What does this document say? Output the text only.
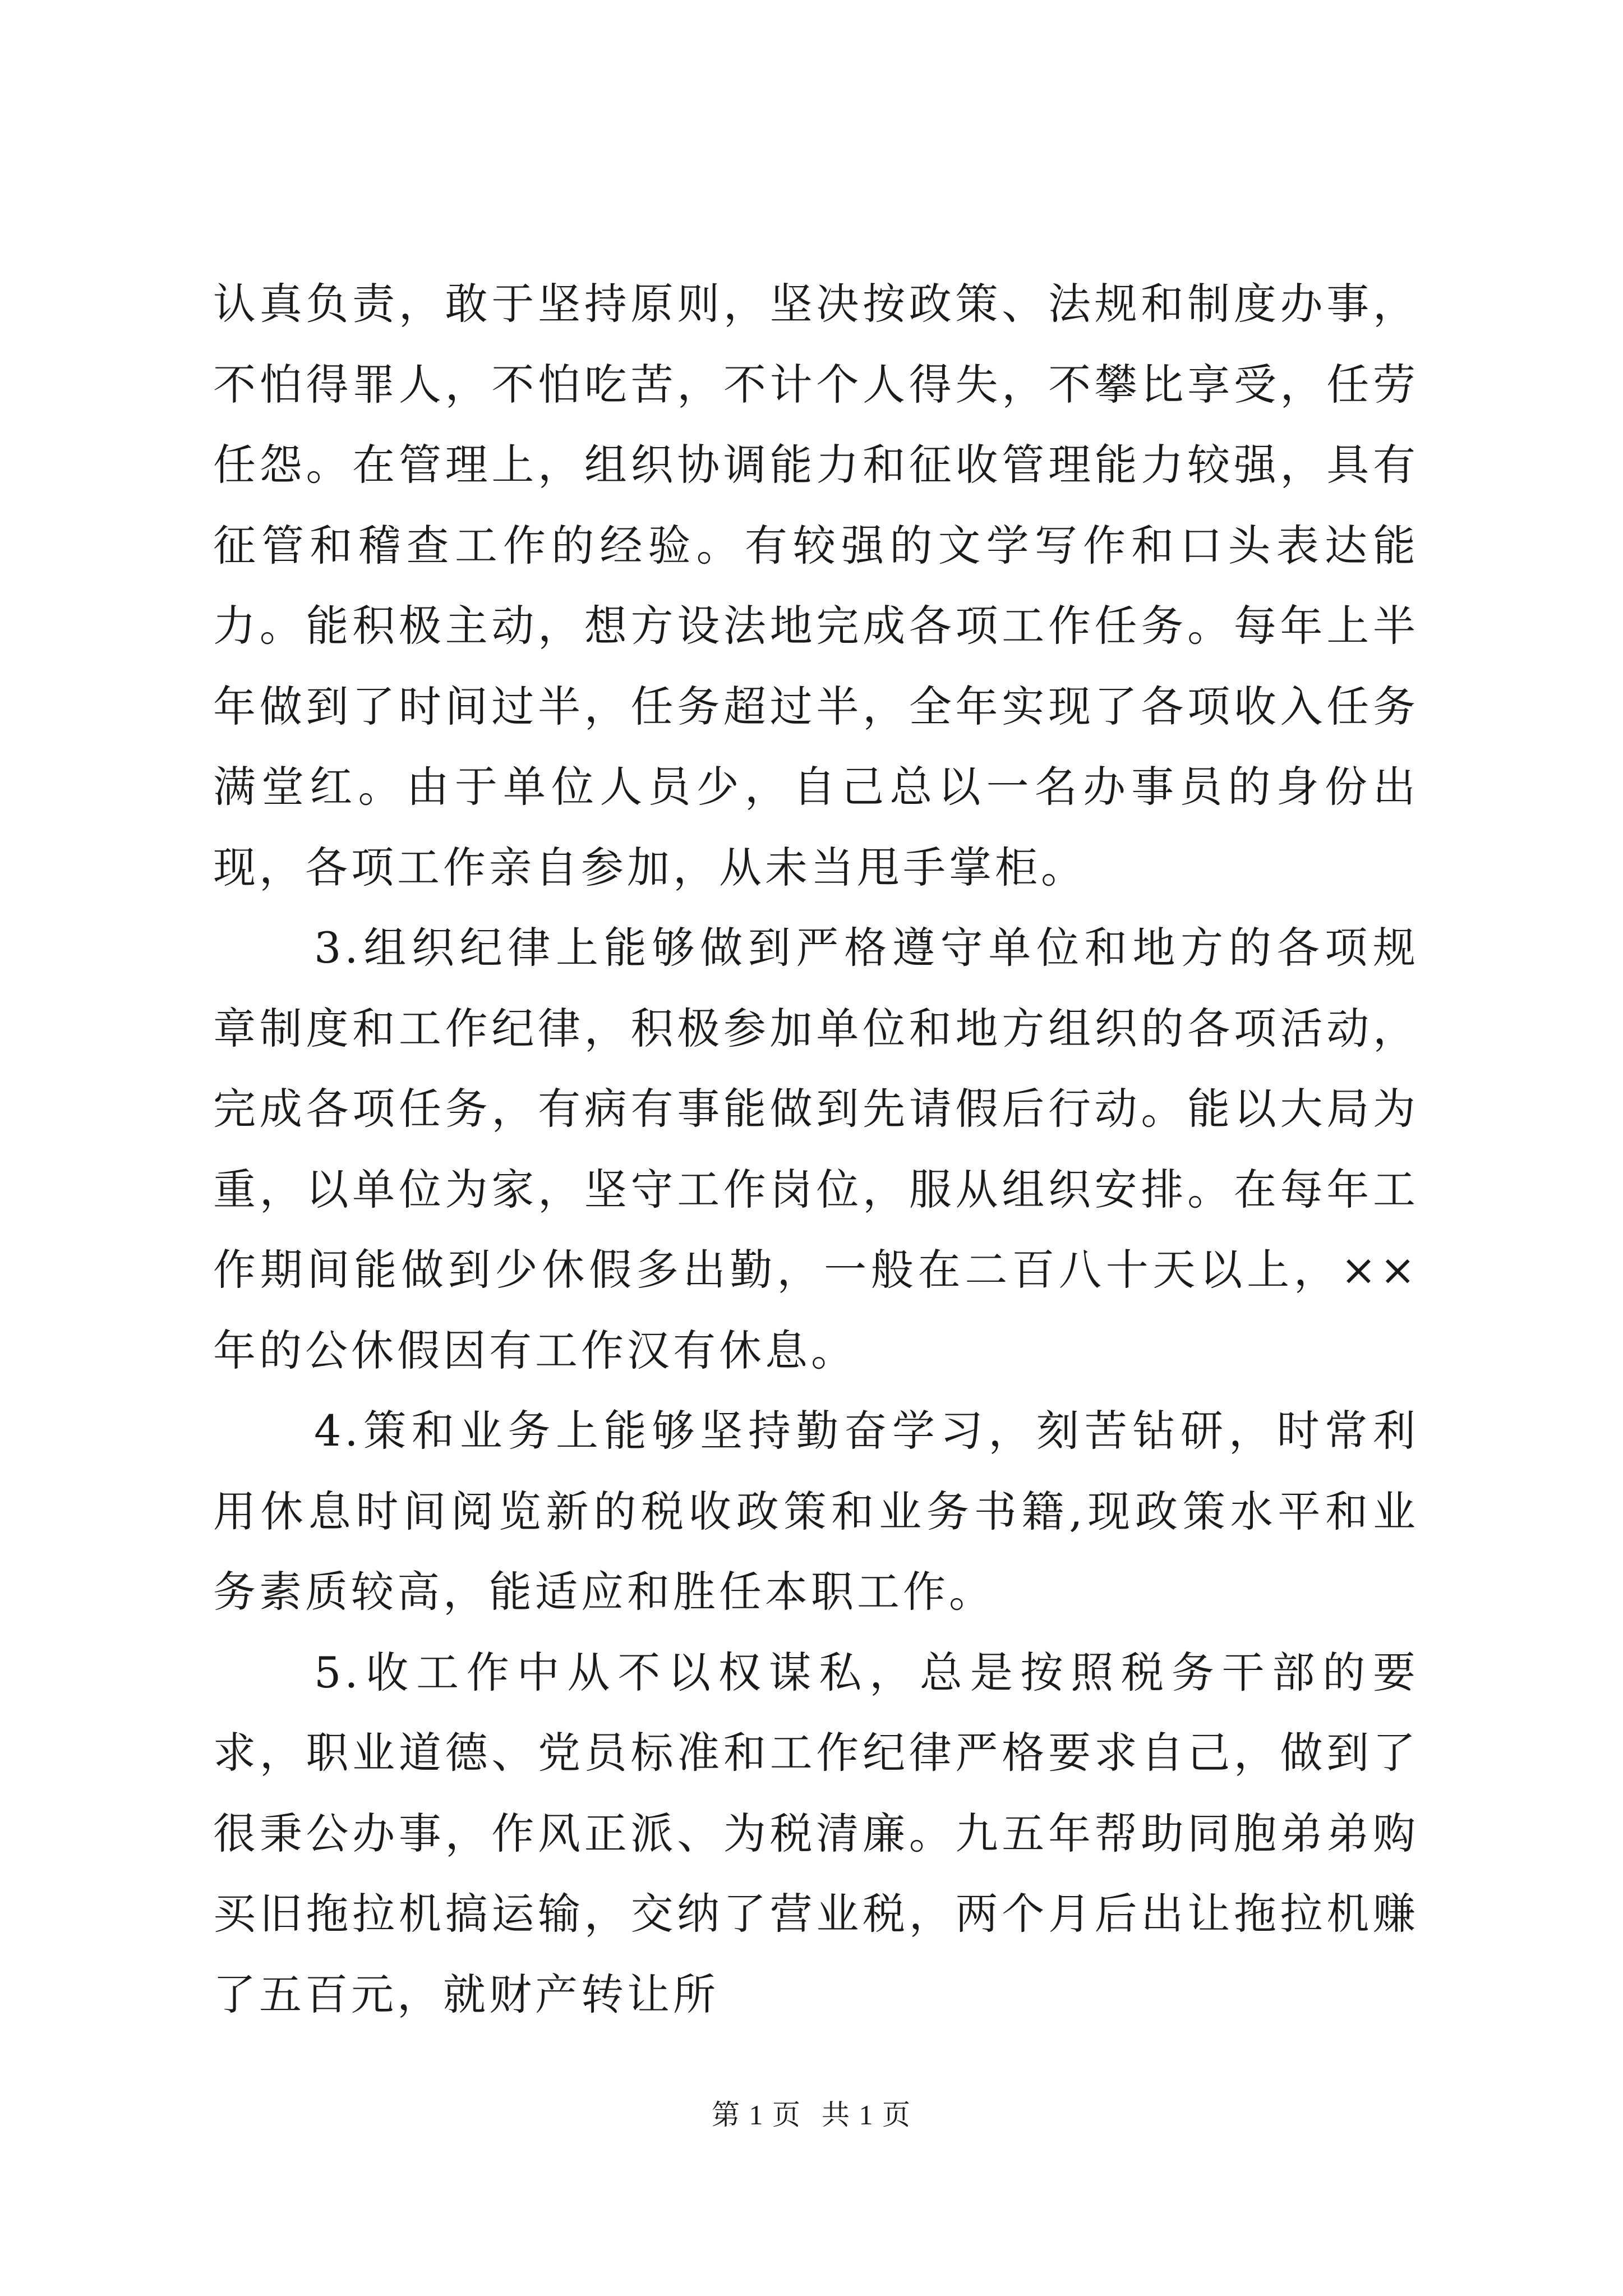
认真负责，敢于坚持原则，坚决按政策、法规和制度办事，不怕得罪人，不怕吃苦，不计个人得失，不攀比享受，任劳任怨。在管理上，组织协调能力和征收管理能力较强，具有征管和稽查工作的经验。有较强的文学写作和口头表达能力。能积极主动，想方设法地完成各项工作任务。每年上半年做到了时间过半，任务超过半，全年实现了各项收入任务满堂红。由于单位人员少，自己总以一名办事员的身份出现，各项工作亲自参加，从未当甩手掌柜。

3.组织纪律上能够做到严格遵守单位和地方的各项规章制度和工作纪律，积极参加单位和地方组织的各项活动，完成各项任务，有病有事能做到先请假后行动。能以大局为重，以单位为家，坚守工作岗位，服从组织安排。在每年工作期间能做到少休假多出勤，一般在二百八十天以上，××年的公休假因有工作汉有休息。

4.策和业务上能够坚持勤奋学习，刻苦钻研，时常利用休息时间阅览新的税收政策和业务书籍,现政策水平和业务素质较高，能适应和胜任本职工作。

5.收工作中从不以权谋私，总是按照税务干部的要求，职业道德、党员标准和工作纪律严格要求自己，做到了很秉公办事，作风正派、为税清廉。九五年帮助同胞弟弟购买旧拖拉机搞运输，交纳了营业税，两个月后出让拖拉机赚了五百元，就财产转让所

第 1 页 共 1 页
